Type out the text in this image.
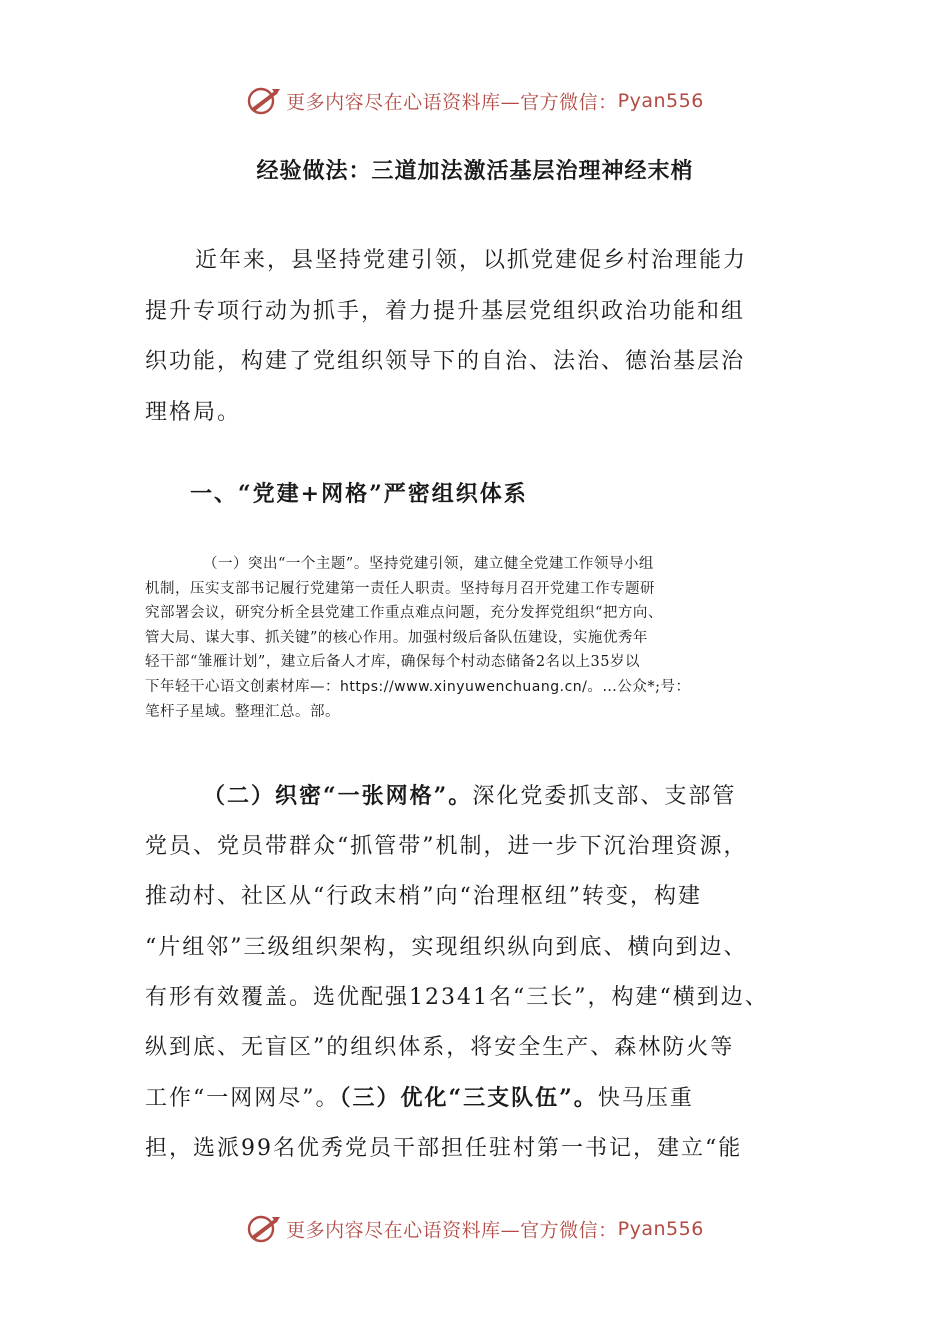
更多内容尽在心语资料库—官方微信：Pyan556
经验做法：三道加法激活基层治理神经末梢
近年来，县坚持党建引领，以抓党建促乡村治理能力
提升专项行动为抓手，着力提升基层党组织政治功能和组
织功能，构建了党组织领导下的自治、法治、德治基层治
理格局。
一、“党建+网格”严密组织体系
（一）突出“一个主题”。坚持党建引领，建立健全党建工作领导小组
机制，压实支部书记履行党建第一责任人职责。坚持每月召开党建工作专题研
究部署会议，研究分析全县党建工作重点难点问题，充分发挥党组织“把方向、
管大局、谋大事、抓关键”的核心作用。加强村级后备队伍建设，实施优秀年
轻干部“雏雁计划”，建立后备人才库，确保每个村动态储备2名以上35岁以
下年轻干心语文创素材库—：https://www.xinyuwenchuang.cn/。…公众*;号：
笔杆子星域。整理汇总。部。
（二）织密“一张网格”。深化党委抓支部、支部管
党员、党员带群众“抓管带”机制，进一步下沉治理资源，
推动村、社区从“行政末梢”向“治理枢纽”转变，构建
“片组邻”三级组织架构，实现组织纵向到底、横向到边、
有形有效覆盖。选优配强12341名“三长”，构建“横到边、
纵到底、无盲区”的组织体系，将安全生产、森林防火等
工作“一网网尽”。（三）优化“三支队伍”。快马压重
担，选派99名优秀党员干部担任驻村第一书记，建立“能
更多内容尽在心语资料库—官方微信：Pyan556
